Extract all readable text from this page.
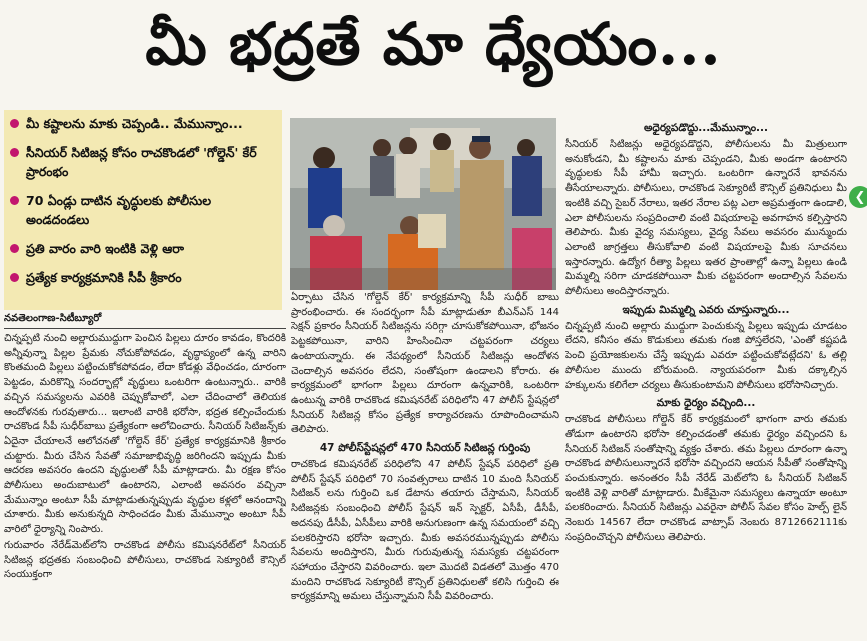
మీ భద్రతే మా ధ్యేయం...
మీ కష్టాలను మాకు చెప్పండి.. మేమున్నాం...
సీనియర్ సిటిజన్ల కోసం రాచకొండలో 'గోల్డెన్' కేర్ ప్రారంభం
70 ఏండ్లు దాటిన వృద్ధులకు పోలీసుల అండదండలు
ప్రతి వారం వారి ఇంటికి వెళ్లి ఆరా
ప్రత్యేక కార్యక్రమానికి సీపీ శ్రీకారం
నవతెలంగాణ-సిటీబ్యూరో

చిన్నప్పటి నుంచి అల్లారుముద్దుగా పెంచిన పిల్లలు దూరం కావడం, కొందరికి అన్నీవున్నా పిల్లల ప్రేమకు నోచుకోపోవడం, వృద్ధాప్యంలో ఉన్న వారిని కొంతమంది పిల్లలు పట్టించుకోకపోవడం, లేదా కోడళ్లు వేధించడం, దూరంగా పెట్టడం, మరికొన్ని సందర్భాల్లో వృద్ధులు ఒంటరిగా ఉంటున్నారు.. వారికి వచ్చిన సమస్యలను ఎవరికి చెప్పుకోవాలో, ఎలా చేదించాలో తెలియక ఆందోళనకు గురవుతారు... ఇలాంటి వారికి భరోసా, భద్రత కల్పించేందుకు రాచకొండ సీపీ సుధీర్‌బాబు ప్రత్యేకంగా ఆలోచించారు. సీనియర్ సిటిజన్స్‌కు ఏదైనా చేయాలనే ఆలోచనతో 'గోల్డెన్ కేర్' ప్రత్యేక కార్యక్రమానికి శ్రీకారం చుట్టారు. మీరు చేసిన సేవతో సమాజాభివృద్ధి జరిగిందని ఇప్పుడు మీకు ఆదరణ అవసరం ఉందని వృద్ధులతో సీపీ మాట్లాడారు. మీ రక్షణ కోసం పోలీసులు అందుబాటులో ఉంటారని, ఎలాంటి అవసరం వచ్చినా మేమున్నాం అంటూ సీపీ మాట్లాడుతున్నప్పుడు వృద్ధుల కళ్లలో ఆనందాన్ని చూశారు. మీకు అనుకున్నది సాధించడం మీకు మేమున్నాం అంటూ సీపీ వారిలో ధైర్యాన్ని నింపారు.

గురువారం నేరేడ్‌మెట్‌లోని రాచకొండ పోలీసు కమిషనరేట్‌లో సీనియర్ సిటిజన్ల భద్రతకు సంబంధించి పోలీసులు, రాచకొండ సెక్యూరిటీ కౌన్సిల్ సంయుక్తంగా

ఏర్పాటు చేసిన 'గోల్డెన్ కేర్' కార్యక్రమాన్ని సీపీ సుధీర్ బాబు ప్రారంభించారు. ఈ సందర్భంగా సీపీ మాట్లాడుతూ బీఎన్ఎస్ 144 సెక్షన్ ప్రకారం సీనియర్ సిటిజన్లను సరిగ్గా చూసుకోకపోయినా, భోజనం పెట్టకపోయినా, వారిని హింసించినా చట్టపరంగా చర్యలు ఉంటాయన్నారు. ఈ నేపథ్యంలో సీనియర్ సిటిజన్లు ఆందోళన చెందాల్సిన అవసరం లేదని, సంతోషంగా ఉండాలని కోరారు. ఈ కార్యక్రమంలో భాగంగా పిల్లలు దూరంగా ఉన్నవారికి, ఒంటరిగా ఉంటున్న వారికి రాచకొండ కమిషనరేట్ పరిధిలోని 47 పోలీస్ స్టేషన్లలో సీనియర్ సిటిజన్ల కోసం ప్రత్యేక కార్యాచరణను రూపొందించామని తెలిపారు.

47 పోలీస్‌స్టేషన్లలో 470 సీనియర్ సిటిజన్ల గుర్తింపు

రాచకొండ కమిషనరేట్ పరిధిలోని 47 పోలీస్ స్టేషన్ పరిధిలో ప్రతి పోలీస్ స్టేషన్ పరిధిలో 70 సంవత్సరాలు దాటిన 10 మంది సీనియర్ సిటిజన్ లను గుర్తించి ఒక డేటాను తయారు చేస్తామని, సీనియర్ సిటిజన్లకు సంబంధించి పోలీస్ స్టేషన్ ఇన్ స్పెక్టర్, ఏసీపీ, డీసీపీ, అదనపు డీసీపీ, ఏసీపీలు వారికి అనుగుణంగా ఉన్న సమయంలో వచ్చి పలకరిస్తారని భరోసా ఇచ్చారు. మీకు అవసరమున్నప్పుడు పోలీసు సేవలను అందిస్తారని, మీరు గురువుతున్న సమస్యకు చట్టపరంగా సహాయం చేస్తారని వివరించారు. ఇలా మొదటి విడతలో మొత్తం 470 మందిని రాచకొండ సెక్యూరిటీ కౌన్సిల్ ప్రతినిధులతో కలిసి గుర్తించి ఈ కార్యక్రమాన్ని అమలు చేస్తున్నామని సీపీ వివరించారు.

అధైర్యపడొద్దు...మేమున్నాం...

సీనియర్ సిటిజన్లు అధైర్యపడొద్దని, పోలీసులను మీ మిత్రులుగా అనుకోండని, మీ కష్టాలను మాకు చెప్పండని, మీకు అండగా ఉంటారని వృద్ధులకు సీపీ హామీ ఇచ్చారు. ఒంటరిగా ఉన్నారనే భావనను తీసేయాలన్నారు. పోలీసులు, రాచకొండ సెక్యూరిటీ కౌన్సిల్ ప్రతినిధులు మీ ఇంటికి వచ్చి సైబర్ నేరాలు, ఇతర నేరాల పట్ల ఎలా అప్రమత్తంగా ఉండాలి, ఎలా పోలీసులను సంప్రదించాలి వంటి విషయాలపై అవగాహన కల్పిస్తారని తెలిపారు. మీకు వైద్య సమస్యలు, వైద్య సేవలు అవసరం మున్ముందు ఎలాంటి జాగ్రత్తలు తీసుకోవాలి వంటి విషయాలపై మీకు సూచనలు ఇస్తారన్నారు. ఉద్యోగ రీత్యా పిల్లలు ఇతర ప్రాంతాల్లో ఉన్నా పిల్లలు ఉండి మిమ్మల్ని సరిగా చూడకపోయినా మీకు చట్టపరంగా అందాల్సిన సేవలను పోలీసులు అందిస్తారన్నారు.

ఇప్పుడు మిమ్మల్ని ఎవరు చూస్తున్నారు...

చిన్నప్పటి నుంచి అల్లారు ముద్దుగా పెంచుకున్న పిల్లలు ఇప్పుడు చూడటం లేదని, కనీసం తమ కొడుకులు తమకు గంజి పోస్తలేరని, 'ఎంతో కష్టపడి పెంచి ప్రయోజకులను చేస్తే ఇప్పుడు ఎవరూ పట్టించుకోవట్లేదని' ఓ తల్లి పోలీసుల ముందు బోరుమంది. న్యాయపరంగా మీకు దక్కాల్సిన హక్కులను కలిగేలా చర్యలు తీసుకుంటామని పోలీసులు భరోసానిచ్చారు.

మాకు ధైర్యం వచ్చింది...

రాచకొండ పోలీసులు గోల్డెన్ కేర్ కార్యక్రమంలో భాగంగా వారు తమకు తోడుగా ఉంటారని భరోసా కల్పించడంతో తమకు ధైర్యం వచ్చిందని ఓ సీనియర్ సిటిజన్ సంతోషాన్ని వ్యక్తం చేశారు. తమ పిల్లలు దూరంగా ఉన్నా రాచకొండ పోలీసులున్నారనే భరోసా వచ్చిందని ఆయన సీపీతో సంతోషాన్ని పంచుకున్నారు. అనంతరం సీపీ నేరేడ్ మెట్‌లోని ఓ సీనియర్ సిటిజన్ ఇంటికి వెళ్లి వారితో మాట్లాడారు. మీకేమైనా సమస్యలు ఉన్నాయా అంటూ పలకరించారు. సీనియర్ సిటిజన్లు ఎవరైనా పోలీస్ సేవల కోసం హెల్ప్ లైన్ నెంబరు 14567 లేదా రాచకొండ వాట్సాప్ నెంబరు 8712662111కు సంప్రదించొచ్చని పోలీసులు తెలిపారు.

❮
